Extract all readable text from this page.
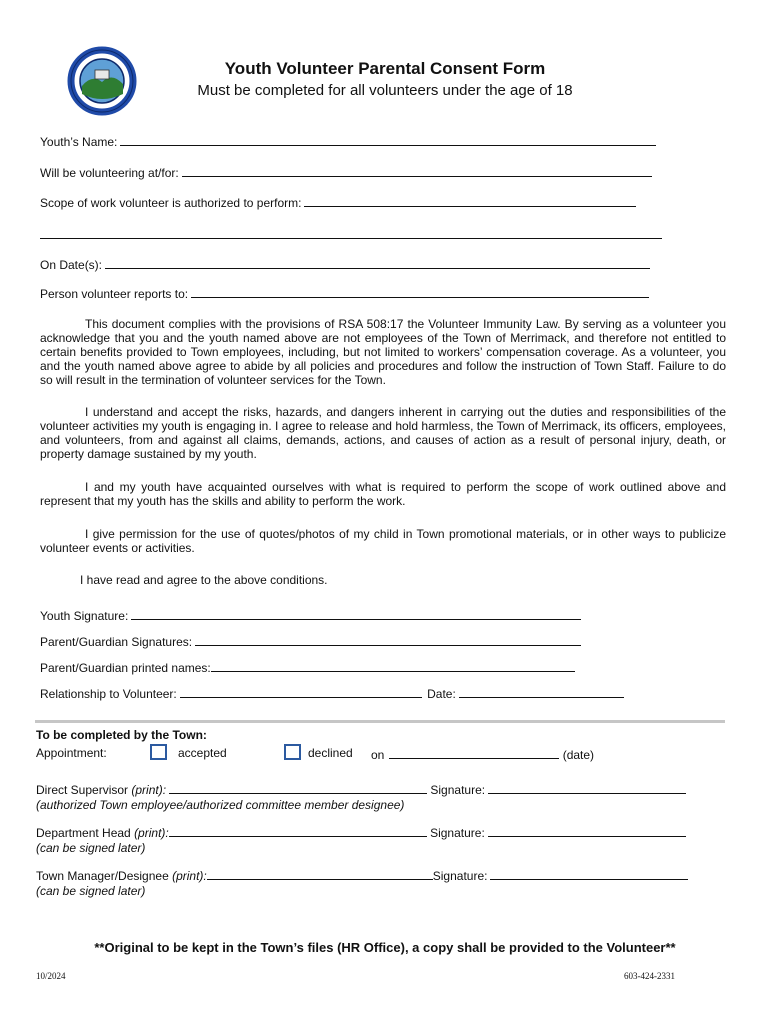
Youth Volunteer Parental Consent Form
Must be completed for all volunteers under the age of 18
Youth’s Name:
Will be volunteering at/for:
Scope of work volunteer is authorized to perform:
On Date(s):
Person volunteer reports to:
This document complies with the provisions of RSA 508:17 the Volunteer Immunity Law. By serving as a volunteer you acknowledge that you and the youth named above are not employees of the Town of Merrimack, and therefore not entitled to certain benefits provided to Town employees, including, but not limited to workers’ compensation coverage. As a volunteer, you and the youth named above agree to abide by all policies and procedures and follow the instruction of Town Staff. Failure to do so will result in the termination of volunteer services for the Town.
I understand and accept the risks, hazards, and dangers inherent in carrying out the duties and responsibilities of the volunteer activities my youth is engaging in. I agree to release and hold harmless, the Town of Merrimack, its officers, employees, and volunteers, from and against all claims, demands, actions, and causes of action as a result of personal injury, death, or property damage sustained by my youth.
I and my youth have acquainted ourselves with what is required to perform the scope of work outlined above and represent that my youth has the skills and ability to perform the work.
I give permission for the use of quotes/photos of my child in Town promotional materials, or in other ways to publicize volunteer events or activities.
I have read and agree to the above conditions.
Youth Signature:
Parent/Guardian Signatures:
Parent/Guardian printed names:
Relationship to Volunteer:	Date:
To be completed by the Town:
Appointment:	accepted	declined on	(date)
Direct Supervisor (print):	Signature:
(authorized Town employee/authorized committee member designee)
Department Head (print):	Signature:
(can be signed later)
Town Manager/Designee (print):	Signature:
(can be signed later)
**Original to be kept in the Town’s files (HR Office), a copy shall be provided to the Volunteer**
10/2024	603-424-2331
